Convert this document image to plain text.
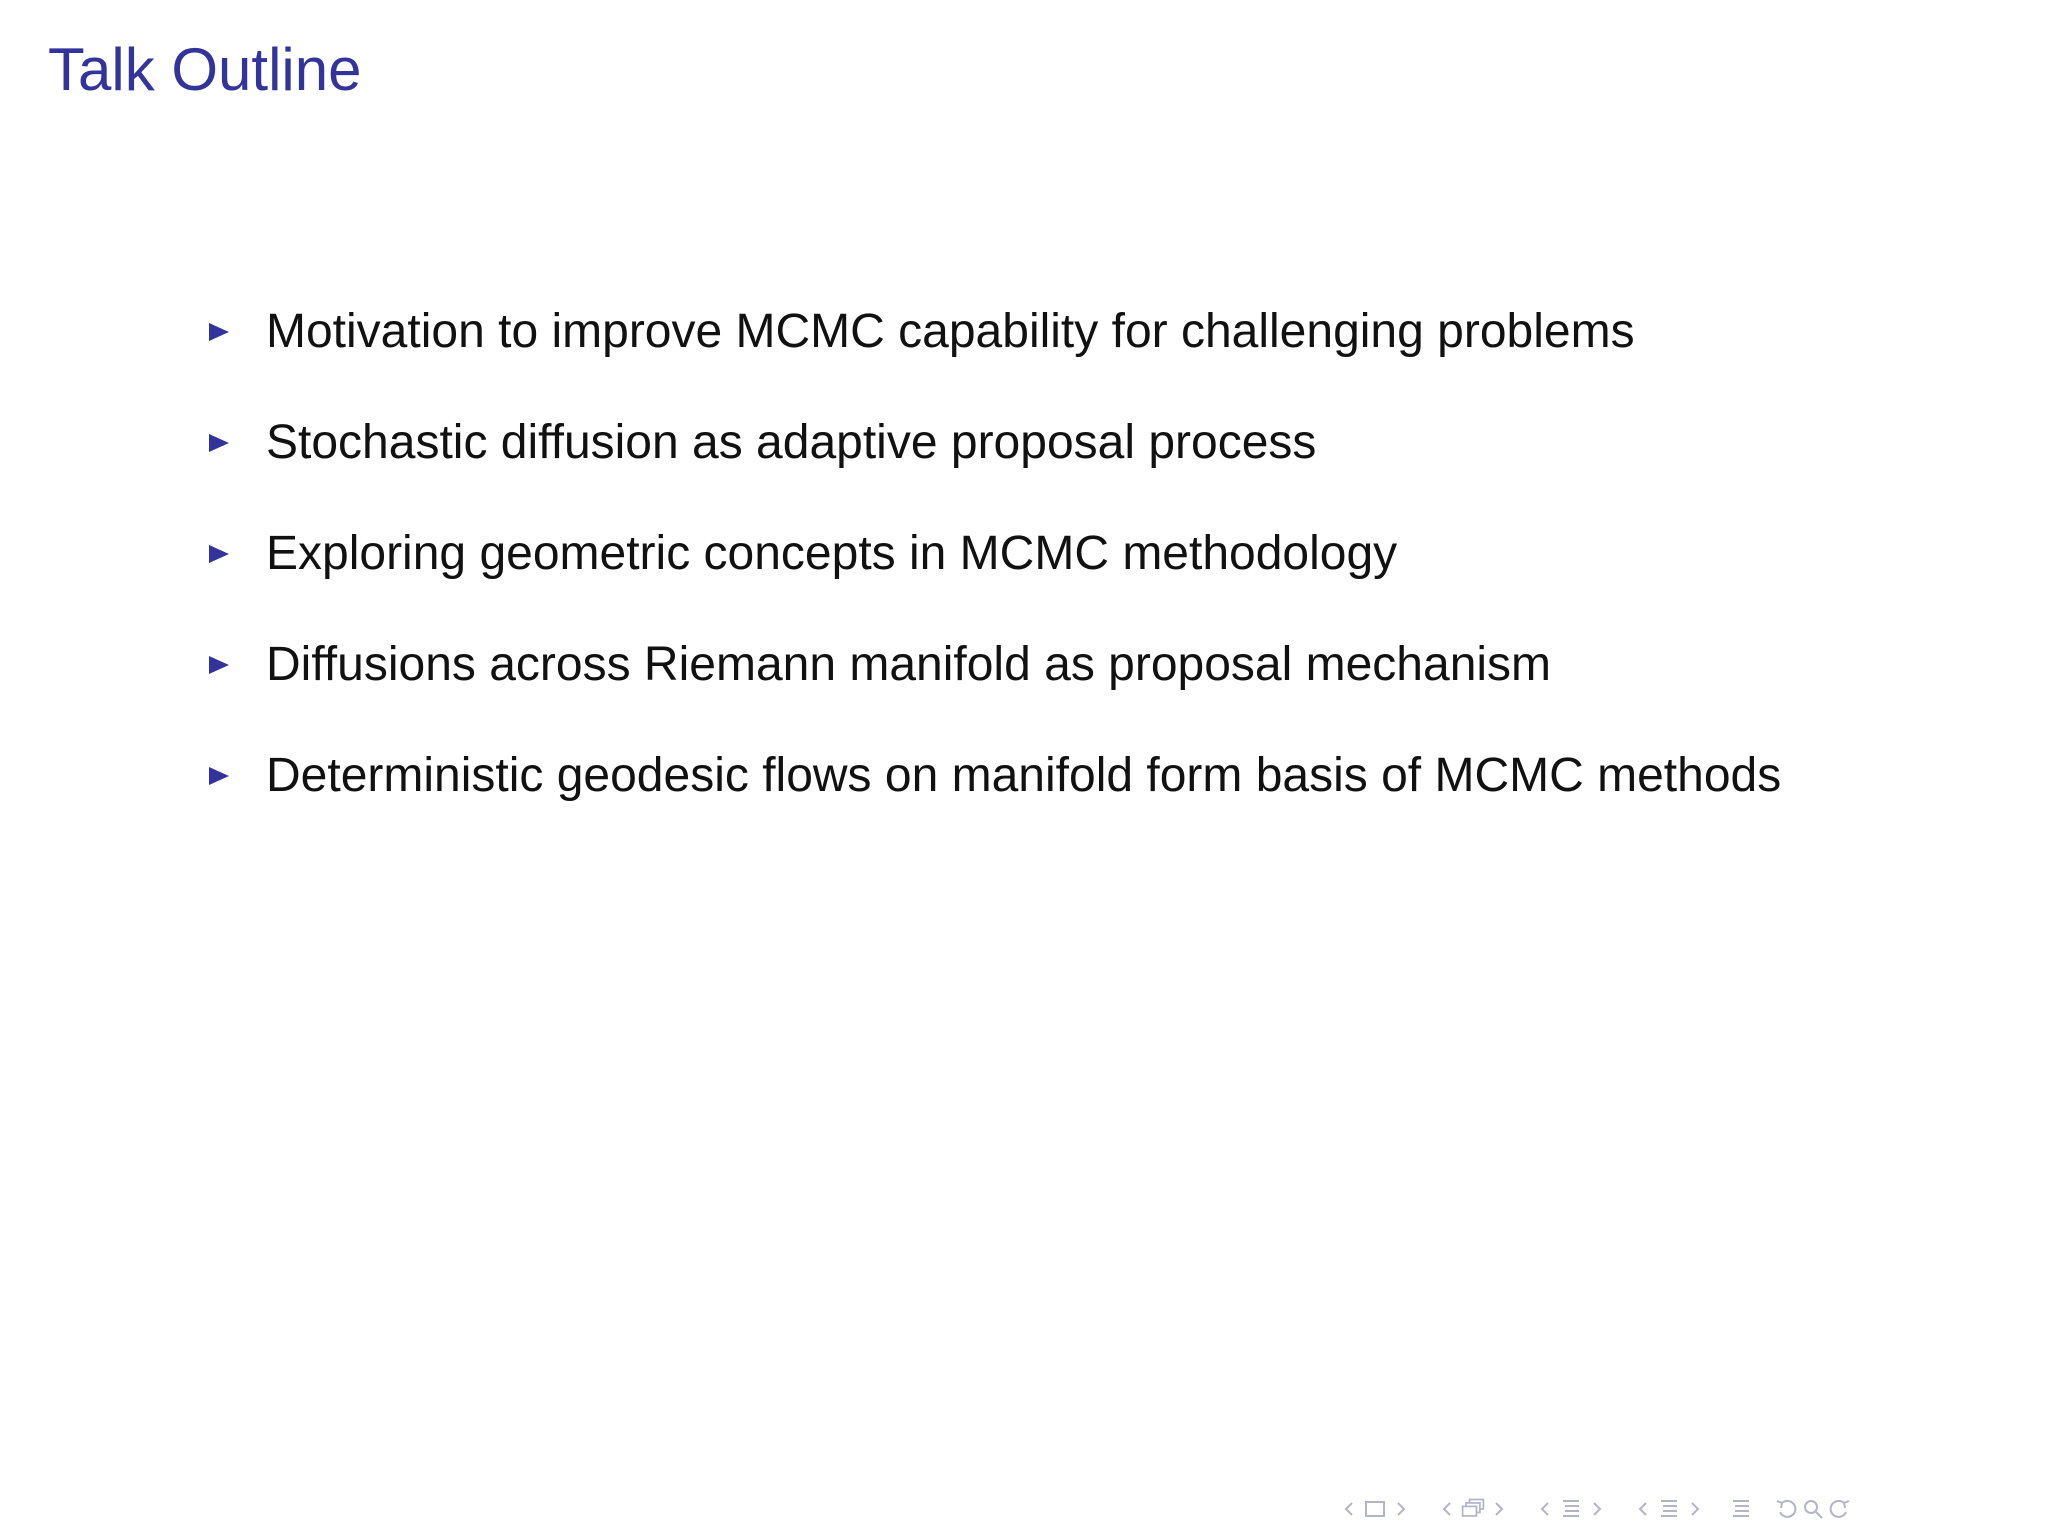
Talk Outline
Motivation to improve MCMC capability for challenging problems
Stochastic diffusion as adaptive proposal process
Exploring geometric concepts in MCMC methodology
Diffusions across Riemann manifold as proposal mechanism
Deterministic geodesic flows on manifold form basis of MCMC methods
